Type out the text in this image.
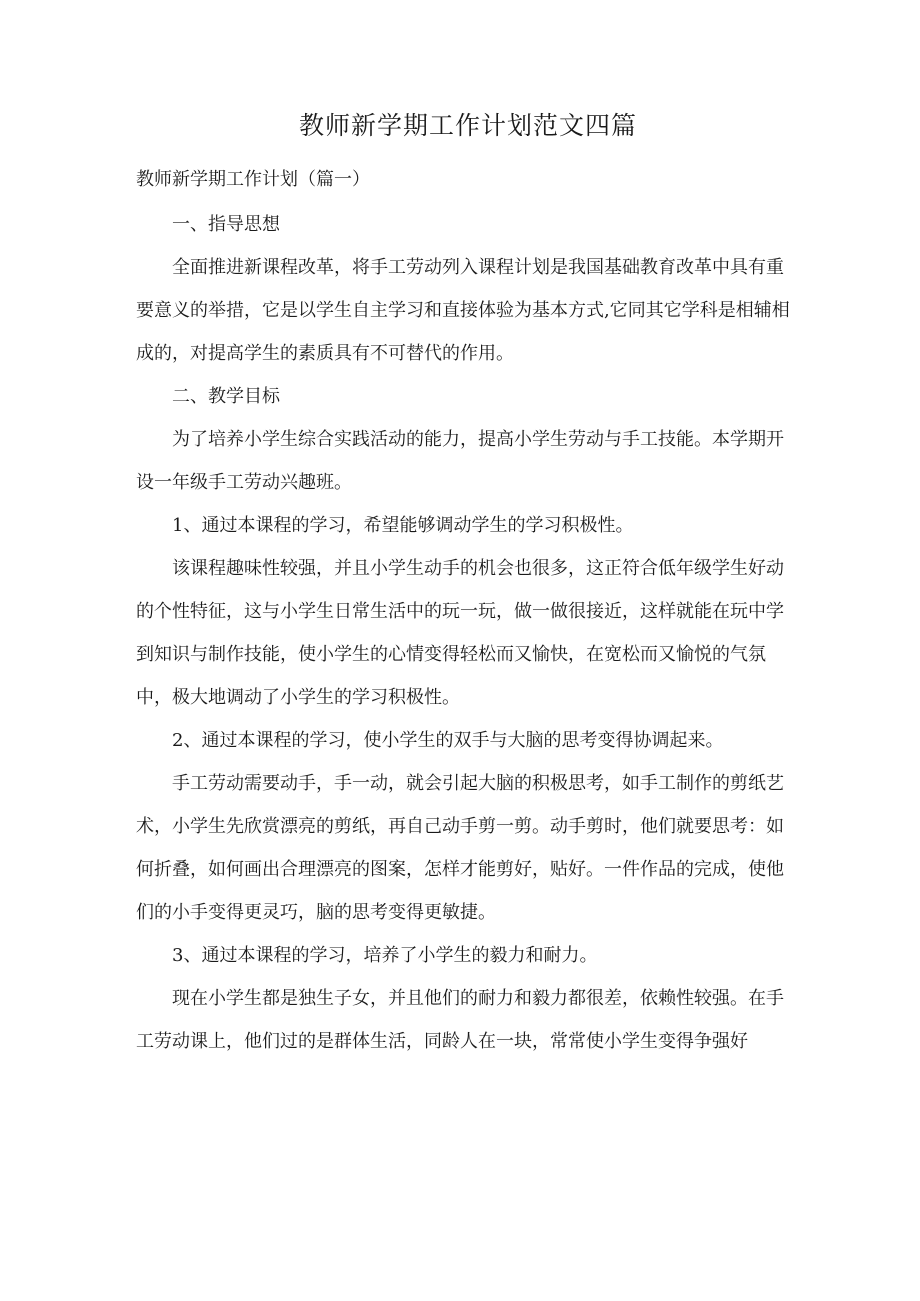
教师新学期工作计划范文四篇

教师新学期工作计划（篇一）

一、指导思想

全面推进新课程改革，将手工劳动列入课程计划是我国基础教育改革中具有重要意义的举措，它是以学生自主学习和直接体验为基本方式,它同其它学科是相辅相成的，对提高学生的素质具有不可替代的作用。

二、教学目标

为了培养小学生综合实践活动的能力，提高小学生劳动与手工技能。本学期开设一年级手工劳动兴趣班。

1、通过本课程的学习，希望能够调动学生的学习积极性。

该课程趣味性较强，并且小学生动手的机会也很多，这正符合低年级学生好动的个性特征，这与小学生日常生活中的玩一玩，做一做很接近，这样就能在玩中学到知识与制作技能，使小学生的心情变得轻松而又愉快，在宽松而又愉悦的气氛中，极大地调动了小学生的学习积极性。

2、通过本课程的学习，使小学生的双手与大脑的思考变得协调起来。

手工劳动需要动手，手一动，就会引起大脑的积极思考，如手工制作的剪纸艺术，小学生先欣赏漂亮的剪纸，再自己动手剪一剪。动手剪时，他们就要思考：如何折叠，如何画出合理漂亮的图案，怎样才能剪好，贴好。一件作品的完成，使他们的小手变得更灵巧，脑的思考变得更敏捷。

3、通过本课程的学习，培养了小学生的毅力和耐力。

现在小学生都是独生子女，并且他们的耐力和毅力都很差，依赖性较强。在手工劳动课上，他们过的是群体生活，同龄人在一块，常常使小学生变得争强好
